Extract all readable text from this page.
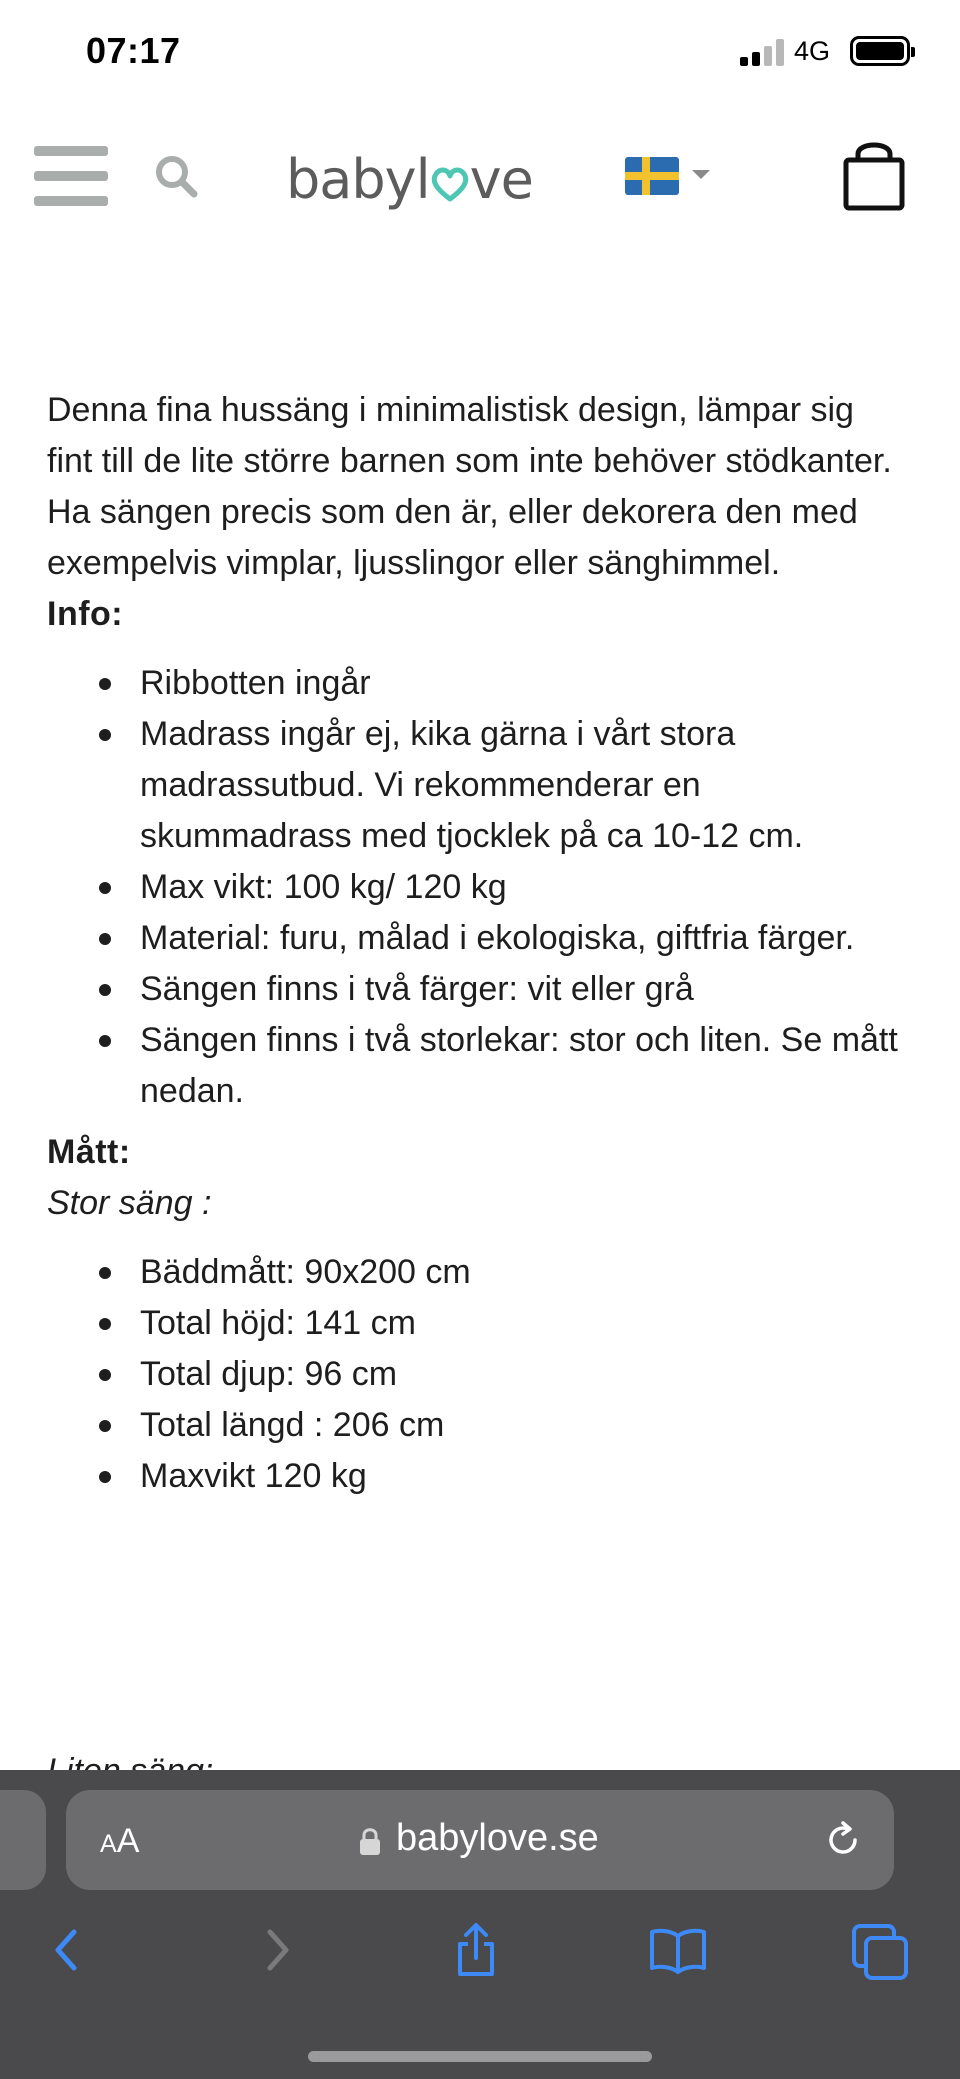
07:17	4G
babyl ve

Denna fina hussäng i minimalistisk design, lämpar sig fint till de lite större barnen som inte behöver stödkanter.
Ha sängen precis som den är, eller dekorera den med exempelvis vimplar, ljusslingor eller sänghimmel.

Info:

Ribbotten ingår
Madrass ingår ej, kika gärna i vårt stora madrassutbud. Vi rekommenderar en skummadrass med tjocklek på ca 10-12 cm.
Max vikt: 100 kg/ 120 kg
Material: furu, målad i ekologiska, giftfria färger.
Sängen finns i två färger: vit eller grå
Sängen finns i två storlekar: stor och liten. Se mått nedan.

Mått:

Stor säng :

Bäddmått: 90x200 cm
Total höjd: 141 cm
Total djup: 96 cm
Total längd : 206 cm
Maxvikt 120 kg
AA	babylove.se
